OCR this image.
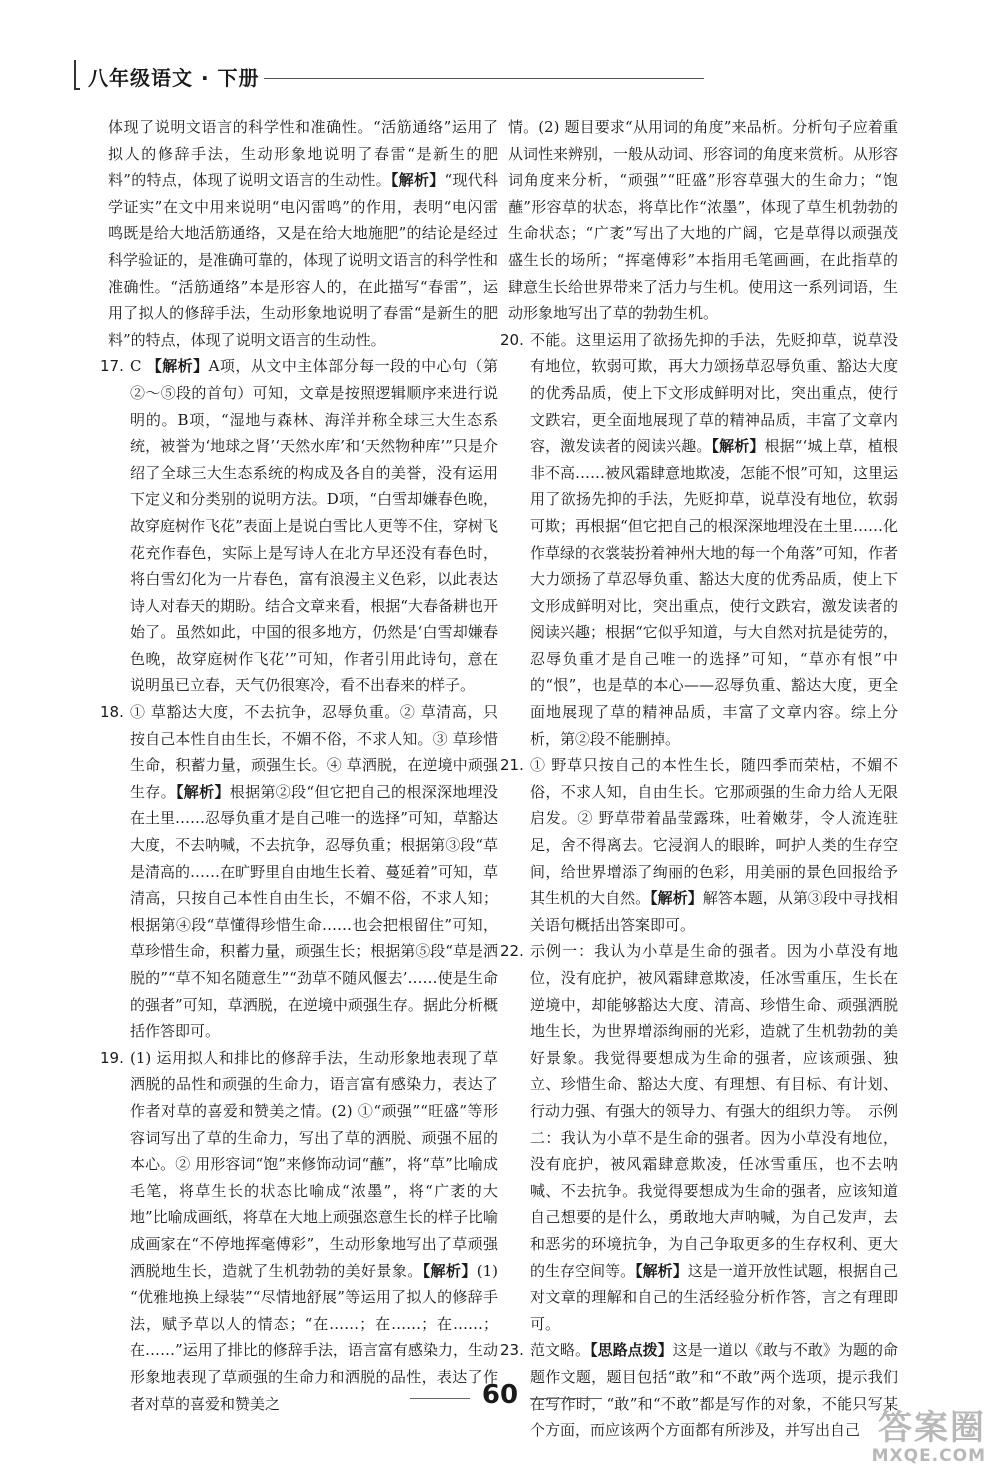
八年级语文 · 下册
体现了说明文语言的科学性和准确性。“活筋通络”运用了拟人的修辞手法，生动形象地说明了春雷“是新生的肥料”的特点，体现了说明文语言的生动性。【解析】“现代科学证实”在文中用来说明“电闪雷鸣”的作用，表明“电闪雷鸣既是给大地活筋通络，又是在给大地施肥”的结论是经过科学验证的，是准确可靠的，体现了说明文语言的科学性和准确性。“活筋通络”本是形容人的，在此描写“春雷”，运用了拟人的修辞手法，生动形象地说明了春雷“是新生的肥料”的特点，体现了说明文语言的生动性。
17. C 【解析】A项，从文中主体部分每一段的中心句（第②～⑤段的首句）可知，文章是按照逻辑顺序来进行说明的。B项，“湿地与森林、海洋并称全球三大生态系统，被誉为‘地球之肾’‘天然水库’和‘天然物种库’”只是介绍了全球三大生态系统的构成及各自的美誉，没有运用下定义和分类别的说明方法。D项，“白雪却嫌春色晚，故穿庭树作飞花”表面上是说白雪比人更等不住，穿树飞花充作春色，实际上是写诗人在北方早还没有春色时，将白雪幻化为一片春色，富有浪漫主义色彩，以此表达诗人对春天的期盼。结合文章来看，根据“大春备耕也开始了。虽然如此，中国的很多地方，仍然是‘白雪却嫌春色晚，故穿庭树作飞花’”可知，作者引用此诗句，意在说明虽已立春，天气仍很寒冷，看不出春来的样子。
18. ① 草豁达大度，不去抗争，忍辱负重。② 草清高，只按自己本性自由生长，不媚不俗，不求人知。③ 草珍惜生命，积蓄力量，顽强生长。④ 草洒脱，在逆境中顽强生存。【解析】根据第②段“但它把自己的根深深地埋没在土里……忍辱负重才是自己唯一的选择”可知，草豁达大度，不去呐喊，不去抗争，忍辱负重；根据第③段“草是清高的……在旷野里自由地生长着、蔓延着”可知，草清高，只按自己本性自由生长，不媚不俗，不求人知；根据第④段“草懂得珍惜生命……也会把根留住”可知，草珍惜生命，积蓄力量，顽强生长；根据第⑤段“草是洒脱的”“草不知名随意生”“劲草不随风偃去’……使是生命的强者”可知，草洒脱，在逆境中顽强生存。据此分析概括作答即可。
19. (1) 运用拟人和排比的修辞手法，生动形象地表现了草洒脱的品性和顽强的生命力，语言富有感染力，表达了作者对草的喜爱和赞美之情。(2) ①“顽强”“旺盛”等形容词写出了草的生命力，写出了草的洒脱、顽强不屈的本心。② 用形容词“饱”来修饰动词“蘸”，将“草”比喻成毛笔，将草生长的状态比喻成“浓墨”，将“广袤的大地”比喻成画纸，将草在大地上顽强恣意生长的样子比喻成画家在“不停地挥毫傅彩”，生动形象地写出了草顽强洒脱地生长，造就了生机勃勃的美好景象。【解析】(1) “优雅地换上绿装”“尽情地舒展”等运用了拟人的修辞手法，赋予草以人的情态；“在……；在……；在……；在……”运用了排比的修辞手法，语言富有感染力，生动形象地表现了草顽强的生命力和洒脱的品性，表达了作者对草的喜爱和赞美之
情。(2) 题目要求“从用词的角度”来品析。分析句子应着重从词性来辨别，一般从动词、形容词的角度来赏析。从形容词角度来分析，“顽强”“旺盛”形容草强大的生命力；“饱蘸”形容草的状态，将草比作“浓墨”，体现了草生机勃勃的生命状态；“广袤”写出了大地的广阔，它是草得以顽强茂盛生长的场所；“挥毫傅彩”本指用毛笔画画，在此指草的肆意生长给世界带来了活力与生机。使用这一系列词语，生动形象地写出了草的勃勃生机。
20. 不能。这里运用了欲扬先抑的手法，先贬抑草，说草没有地位，软弱可欺，再大力颂扬草忍辱负重、豁达大度的优秀品质，使上下文形成鲜明对比，突出重点，使行文跌宕，更全面地展现了草的精神品质，丰富了文章内容，激发读者的阅读兴趣。【解析】根据“‘城上草，植根非不高……被风霜肆意地欺凌，怎能不恨”可知，这里运用了欲扬先抑的手法，先贬抑草，说草没有地位，软弱可欺；再根据“但它把自己的根深深地埋没在土里……化作草绿的衣裳装扮着神州大地的每一个角落”可知，作者大力颂扬了草忍辱负重、豁达大度的优秀品质，使上下文形成鲜明对比，突出重点，使行文跌宕，激发读者的阅读兴趣；根据“它似乎知道，与大自然对抗是徒劳的，忍辱负重才是自己唯一的选择”可知，“草亦有恨”中的“恨”，也是草的本心——忍辱负重、豁达大度，更全面地展现了草的精神品质，丰富了文章内容。综上分析，第②段不能删掉。
21. ① 野草只按自己的本性生长，随四季而荣枯，不媚不俗，不求人知，自由生长。它那顽强的生命力给人无限启发。② 野草带着晶莹露珠，吐着嫩芽，令人流连驻足，舍不得离去。它浸润人的眼眸，呵护人类的生存空间，给世界增添了绚丽的色彩，用美丽的景色回报给予其生机的大自然。【解析】解答本题，从第③段中寻找相关语句概括出答案即可。
22. 示例一：我认为小草是生命的强者。因为小草没有地位，没有庇护，被风霜肆意欺凌，任冰雪重压，生长在逆境中，却能够豁达大度、清高、珍惜生命、顽强洒脱地生长，为世界增添绚丽的光彩，造就了生机勃勃的美好景象。我觉得要想成为生命的强者，应该顽强、独立、珍惜生命、豁达大度、有理想、有目标、有计划、行动力强、有强大的领导力、有强大的组织力等。　示例二：我认为小草不是生命的强者。因为小草没有地位，没有庇护，被风霜肆意欺凌，任冰雪重压，也不去呐喊、不去抗争。我觉得要想成为生命的强者，应该知道自己想要的是什么，勇敢地大声呐喊，为自己发声，去和恶劣的环境抗争，为自己争取更多的生存权利、更大的生存空间等。【解析】这是一道开放性试题，根据自己对文章的理解和自己的生活经验分析作答，言之有理即可。
23. 范文略。【思路点拨】这是一道以《敢与不敢》为题的命题作文题，题目包括“敢”和“不敢”两个选项，提示我们在写作时，“敢”和“不敢”都是写作的对象，不能只写某个方面，而应该两个方面都有所涉及，并写出自己
60
答案圈
MXQE.COM
